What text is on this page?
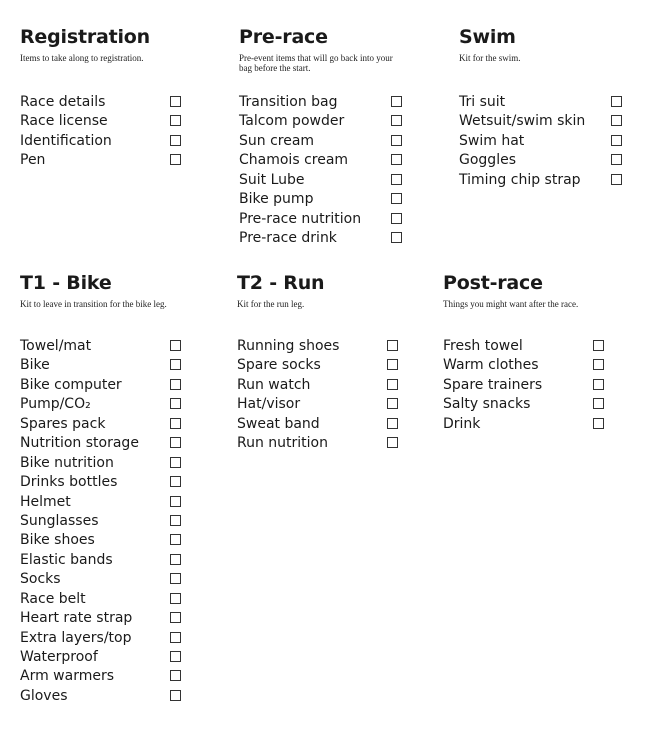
Registration

Items to take along to registration.

Race details
Race license
Identification
Pen
Pre-race

Pre-event items that will go back into your bag before the start.

Transition bag
Talcom powder
Sun cream
Chamois cream
Suit Lube
Bike pump
Pre-race nutrition
Pre-race drink
Swim

Kit for the swim.

Tri suit
Wetsuit/swim skin
Swim hat
Goggles
Timing chip strap
T1 - Bike

Kit to leave in transition for the bike leg.

Towel/mat
Bike
Bike computer
Pump/CO₂
Spares pack
Nutrition storage
Bike nutrition
Drinks bottles
Helmet
Sunglasses
Bike shoes
Elastic bands
Socks
Race belt
Heart rate strap
Extra layers/top
Waterproof
Arm warmers
Gloves
T2 - Run

Kit for the run leg.

Running shoes
Spare socks
Run watch
Hat/visor
Sweat band
Run nutrition
Post-race

Things you might want after the race.

Fresh towel
Warm clothes
Spare trainers
Salty snacks
Drink
